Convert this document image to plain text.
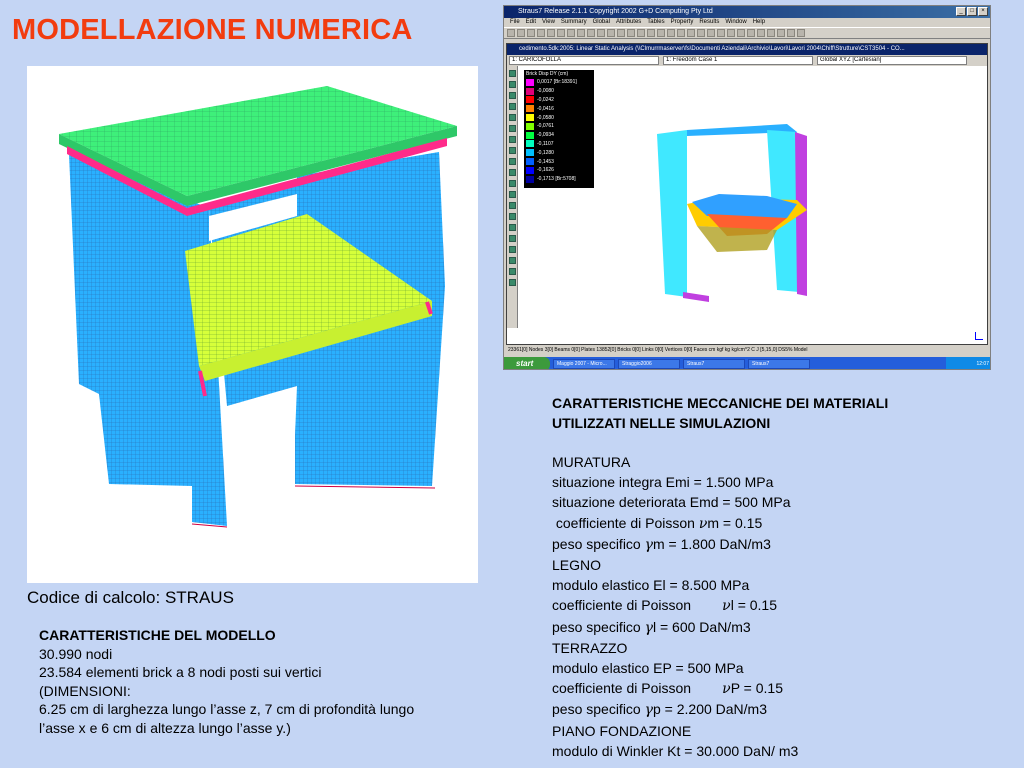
MODELLAZIONE NUMERICA
Codice di calcolo: STRAUS
CARATTERISTICHE DEL MODELLO
30.990 nodi
23.584 elementi brick a 8 nodi posti sui vertici
(DIMENSIONI:
6.25 cm di larghezza lungo l’asse z, 7 cm di profondità lungo
l’asse x e 6 cm di altezza lungo l’asse y.)
CARATTERISTICHE MECCANICHE DEI MATERIALI
UTILIZZATI NELLE SIMULAZIONI
MURATURA
situazione integra Emi = 1.500 MPa
situazione deteriorata Emd = 500 MPa
coefficiente di Poisson νm = 0.15
peso specifico γm = 1.800 DaN/m3
LEGNO
modulo elastico El = 8.500 MPa
coefficiente di Poisson        νl = 0.15
peso specifico γl = 600 DaN/m3
TERRAZZO
modulo elastico EP = 500 MPa
coefficiente di Poisson        νP = 0.15
peso specifico γp = 2.200 DaN/m3
PIANO FONDAZIONE
modulo di Winkler Kt = 30.000 DaN/ m3
Straus7 Release 2.1.1 Copyright 2002 G+D Computing Pty Ltd	_	□	×
File Edit View Summary Global Attributes Tables Property Results Window Help
cedimento.5dk:2005: Linear Static Analysis (\\Clmurrmaserver\fs\Documenti Aziendali\Archivio\Lavori\Lavori 2004\Chiff\Strutture\CST3504 - CO...
1: CARICOFOLLA	1: Freedom Case 1	Global XYZ [Cartesian]
Brick Disp DY (cm)
0,0017 [Br:18391]
-0,0080
-0,0242
-0,0416
-0,0580
-0,0761
-0,0934
-0,1107
-0,1280
-0,1453
-0,1626
-0,1713 [Br:5708]
23361[0] Nodes 3[0] Beams 0[0] Plates 13852[0] Bricks 0[0] Links 0[0] Vertices 0[0] Faces cm kgf kg kg/cm^2 C J [5,15,0] DS5% Model
start	Maggio 2007 - Micro...	Straggio2006	Straus7	Straus7	12:07
